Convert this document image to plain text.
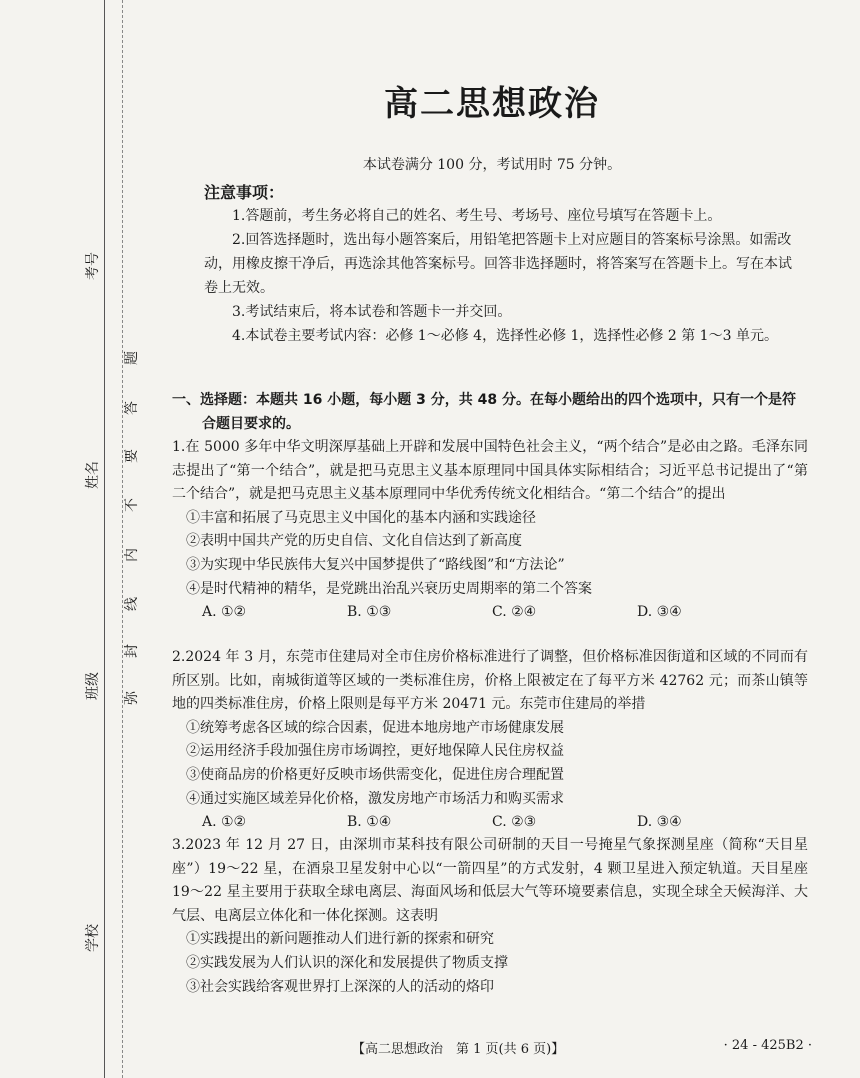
考号
姓名
班级
学校
弥
封
线
内
不
要
答
题
高二思想政治
本试卷满分 100 分，考试用时 75 分钟。
注意事项：
1.答题前，考生务必将自己的姓名、考生号、考场号、座位号填写在答题卡上。
2.回答选择题时，选出每小题答案后，用铅笔把答题卡上对应题目的答案标号涂黑。如需改动，用橡皮擦干净后，再选涂其他答案标号。回答非选择题时，将答案写在答题卡上。写在本试卷上无效。
3.考试结束后，将本试卷和答题卡一并交回。
4.本试卷主要考试内容：必修 1～必修 4，选择性必修 1，选择性必修 2 第 1～3 单元。
一、选择题：本题共 16 小题，每小题 3 分，共 48 分。在每小题给出的四个选项中，只有一个是符
合题目要求的。
1.在 5000 多年中华文明深厚基础上开辟和发展中国特色社会主义，“两个结合”是必由之路。毛泽东同志提出了“第一个结合”，就是把马克思主义基本原理同中国具体实际相结合；习近平总书记提出了“第二个结合”，就是把马克思主义基本原理同中华优秀传统文化相结合。“第二个结合”的提出
①丰富和拓展了马克思主义中国化的基本内涵和实践途径
②表明中国共产党的历史自信、文化自信达到了新高度
③为实现中华民族伟大复兴中国梦提供了“路线图”和“方法论”
④是时代精神的精华，是党跳出治乱兴衰历史周期率的第二个答案
A. ①②	B. ①③	C. ②④	D. ③④
2.2024 年 3 月，东莞市住建局对全市住房价格标准进行了调整，但价格标准因街道和区域的不同而有所区别。比如，南城街道等区域的一类标准住房，价格上限被定在了每平方米 42762 元；而茶山镇等地的四类标准住房，价格上限则是每平方米 20471 元。东莞市住建局的举措
①统筹考虑各区域的综合因素，促进本地房地产市场健康发展
②运用经济手段加强住房市场调控，更好地保障人民住房权益
③使商品房的价格更好反映市场供需变化，促进住房合理配置
④通过实施区域差异化价格，激发房地产市场活力和购买需求
A. ①②	B. ①④	C. ②③	D. ③④
3.2023 年 12 月 27 日，由深圳市某科技有限公司研制的天目一号掩星气象探测星座（简称“天目星座”）19～22 星，在酒泉卫星发射中心以“一箭四星”的方式发射，4 颗卫星进入预定轨道。天目星座 19～22 星主要用于获取全球电离层、海面风场和低层大气等环境要素信息，实现全球全天候海洋、大气层、电离层立体化和一体化探测。这表明
①实践提出的新问题推动人们进行新的探索和研究
②实践发展为人们认识的深化和发展提供了物质支撑
③社会实践给客观世界打上深深的人的活动的烙印
【高二思想政治　第 1 页(共 6 页)】	· 24 - 425B2 ·
